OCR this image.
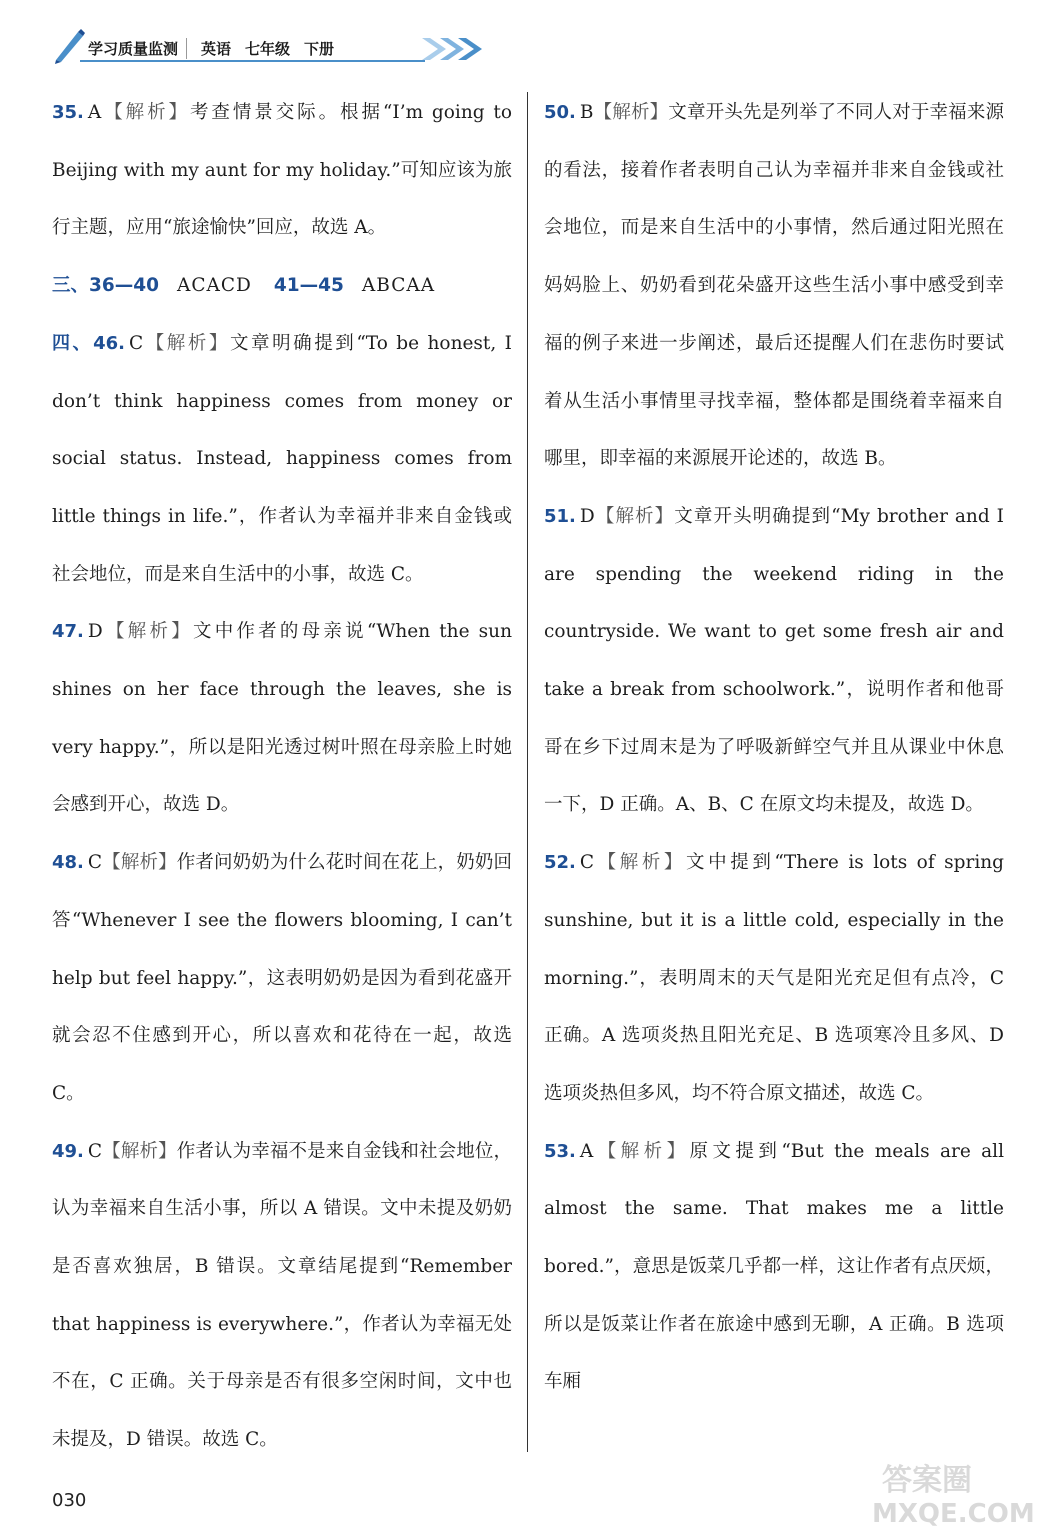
学习质量监测	英语 七年级 下册
35. A【解析】考查情景交际。根据“I’m going to Beijing with my aunt for my holiday.”可知应该为旅行主题，应用“旅途愉快”回应，故选 A。
三、36—40 ACACD 41—45 ABCAA
四、46. C【解析】文章明确提到“To be honest, I don’t think happiness comes from money or social status. Instead, happiness comes from little things in life.”，作者认为幸福并非来自金钱或社会地位，而是来自生活中的小事，故选 C。
47. D【解析】文中作者的母亲说“When the sun shines on her face through the leaves, she is very happy.”，所以是阳光透过树叶照在母亲脸上时她会感到开心，故选 D。
48. C【解析】作者问奶奶为什么花时间在花上，奶奶回答“Whenever I see the flowers blooming, I can’t help but feel happy.”，这表明奶奶是因为看到花盛开就会忍不住感到开心，所以喜欢和花待在一起，故选 C。
49. C【解析】作者认为幸福不是来自金钱和社会地位，认为幸福来自生活小事，所以 A 错误。文中未提及奶奶是否喜欢独居，B 错误。文章结尾提到“Remember that happiness is everywhere.”，作者认为幸福无处不在，C 正确。关于母亲是否有很多空闲时间，文中也未提及，D 错误。故选 C。
50. B【解析】文章开头先是列举了不同人对于幸福来源的看法，接着作者表明自己认为幸福并非来自金钱或社会地位，而是来自生活中的小事情，然后通过阳光照在妈妈脸上、奶奶看到花朵盛开这些生活小事中感受到幸福的例子来进一步阐述，最后还提醒人们在悲伤时要试着从生活小事情里寻找幸福，整体都是围绕着幸福来自哪里，即幸福的来源展开论述的，故选 B。
51. D【解析】文章开头明确提到“My brother and I are spending the weekend riding in the countryside. We want to get some fresh air and take a break from schoolwork.”，说明作者和他哥哥在乡下过周末是为了呼吸新鲜空气并且从课业中休息一下，D 正确。A、B、C 在原文均未提及，故选 D。
52. C【解析】文中提到“There is lots of spring sunshine, but it is a little cold, especially in the morning.”，表明周末的天气是阳光充足但有点冷，C 正确。A 选项炎热且阳光充足、B 选项寒冷且多风、D 选项炎热但多风，均不符合原文描述，故选 C。
53. A【解析】原文提到“But the meals are all almost the same. That makes me a little bored.”，意思是饭菜几乎都一样，这让作者有点厌烦，所以是饭菜让作者在旅途中感到无聊，A 正确。B 选项车厢
030
答案圈
MXQE.COM
